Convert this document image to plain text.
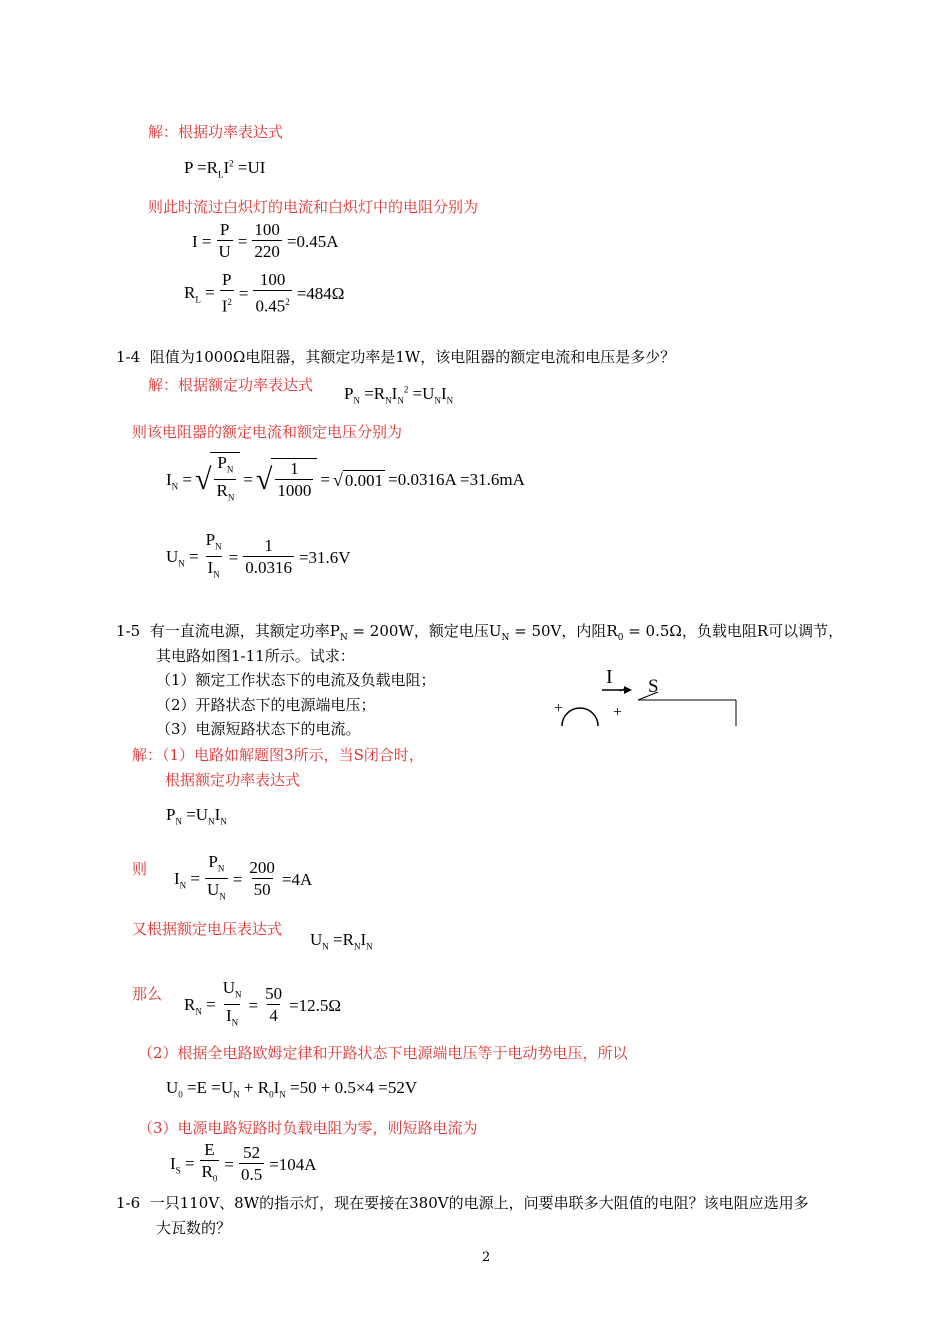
解：根据功率表达式
$P =R_LI^2 =UI$
则此时流过白炽灯的电流和白炽灯中的电阻分别为
$I = \frac{P}{U} = \frac{100}{220} =0.45A$
$R_L = \frac{P}{I^2} = \frac{100}{0.45^2} =484\Omega$
1-4 阻值为1000Ω电阻器，其额定功率是1W，该电阻器的额定电流和电压是多少？
解：根据额定功率表达式 $P_N =R_NI_N^2 =U_NI_N$
则该电阻器的额定电流和额定电压分别为
$I_N$ = √ $\frac{P_N}{R_N}$ = √ $\frac{1}{1000}$ = √ 0.001 =0.0316A =31.6mA
$U_N = \frac{P_N}{I_N} = \frac{1}{0.0316} =31.6V$
1-5 有一直流电源，其额定功率$P_N = 200W$，额定电压$U_N = 50V$，内阻$R_0 = 0.5\Omega$，负载电阻R可以调节，
其电路如图1-11所示。试求：
（1）额定工作状态下的电流及负载电阻；
（2）开路状态下的电源端电压；
（3）电源短路状态下的电流。
I S
+	+
解：（1）电路如解题图3所示，当S闭合时，
根据额定功率表达式
$P_N =U_NI_N$
则
$I_N = \frac{P_N}{U_N} = \frac{200}{50} =4A$
又根据额定电压表达式
$U_N =R_NI_N$
那么
$R_N = \frac{U_N}{I_N} = \frac{50}{4} =12.5\Omega$
（2）根据全电路欧姆定律和开路状态下电源端电压等于电动势电压，所以
$U_0 =E =U_N + R_0I_N =50 + 0.5\times 4 =52V$
（3）电源电路短路时负载电阻为零，则短路电流为
$I_S = \frac{E}{R_0} = \frac{52}{0.5} =104A$
1-6 一只110V、8W的指示灯，现在要接在380V的电源上，问要串联多大阻值的电阻？该电阻应选用多
大瓦数的？
2
